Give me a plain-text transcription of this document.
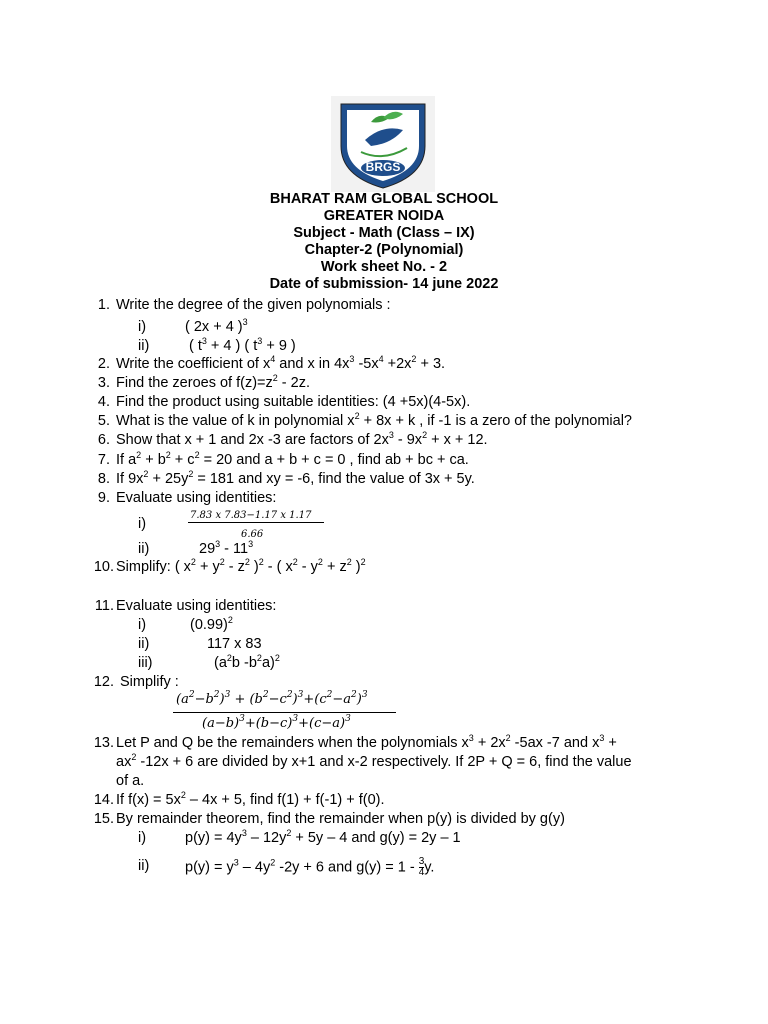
BRGS
BHARAT RAM GLOBAL SCHOOL
GREATER NOIDA
Subject - Math (Class – IX)
Chapter-2 (Polynomial)
Work sheet No. - 2
Date of submission- 14 june 2022
1. Write the degree of the given polynomials :
i)	( 2x + 4 )$^3$
ii)	( $t^3 + 4$ ) ( $t^3 + 9$ )
2. Write the coefficient of $x^4$ and x in $4x^3$ $-5x^4 +2x^2 + 3$.
3. Find the zeroes of $f(z)=z^2 - 2z$.
4. Find the product using suitable identities: (4 +5x)(4-5x).
5. What is the value of k in polynomial $x^2 + 8x + k$ , if -1 is a zero of the polynomial?
6. Show that x + 1 and 2x -3 are factors of $2x^3 - 9x^2 + x + 12$.
7. If $a^2 + b^2 + c^2 = 20$ and a + b + c = 0 , find ab + bc + ca.
8. If $9x^2 + 25y^2 = 181$ and xy = -6, find the value of 3x + 5y.
9. Evaluate using identities:
i)
7.83 x 7.83−1.17 x 1.17
6.66
ii)	$29^3 - 11^3$
10. Simplify: ( $x^2 + y^2 - z^2$ )$^2$ - ( $x^2 - y^2 + z^2$ )$^2$
11. Evaluate using identities:
i)	$(0.99)^2$
ii)	117 x 83
iii)	($a^2b$ $-b^2a)^2$
12. Simplify :
$(a^2-b^2)^3 + (b^2-c^2)^3+(c^2-a^2)^3$
$(a-b)^3+(b-c)^3+(c-a)^3$
13. Let P and Q be the remainders when the polynomials $x^3 + 2x^2$ -5ax -7 and $x^3$ +
$ax^2$ -12x + 6 are divided by x+1 and x-2 respectively. If 2P + Q = 6, find the value
of a.
14. If $f(x) = 5x^2 - 4x + 5$, find f(1) + f(-1) + f(0).
15. By remainder theorem, find the remainder when p(y) is divided by g(y)
i)	$p(y) = 4y^3 - 12y^2 + 5y - 4$ and g(y) = 2y – 1
ii) $p(y) = y^3 - 4y^2$ -2y + 6 and $g(y) = 1 - \frac{3}{4} y$.
